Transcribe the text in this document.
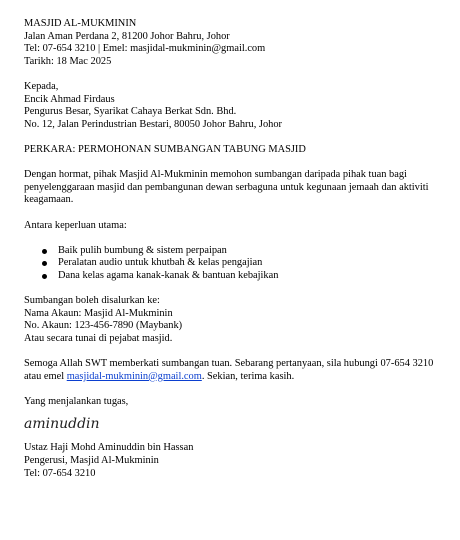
MASJID AL-MUKMININ
Jalan Aman Perdana 2, 81200 Johor Bahru, Johor
Tel: 07-654 3210 | Emel: masjidal-mukminin@gmail.com
Tarikh: 18 Mac 2025
Kepada,
Encik Ahmad Firdaus
Pengurus Besar, Syarikat Cahaya Berkat Sdn. Bhd.
No. 12, Jalan Perindustrian Bestari, 80050 Johor Bahru, Johor
PERKARA: PERMOHONAN SUMBANGAN TABUNG MASJID

Dengan hormat, pihak Masjid Al-Mukminin memohon sumbangan daripada pihak tuan bagi penyelenggaraan masjid dan pembangunan dewan serbaguna untuk kegunaan jemaah dan aktiviti keagamaan.

Antara keperluan utama:
Baik pulih bumbung & sistem perpaipan
Peralatan audio untuk khutbah & kelas pengajian
Dana kelas agama kanak-kanak & bantuan kebajikan
Sumbangan boleh disalurkan ke:
Nama Akaun: Masjid Al-Mukminin
No. Akaun: 123-456-7890 (Maybank)
Atau secara tunai di pejabat masjid.

Semoga Allah SWT memberkati sumbangan tuan. Sebarang pertanyaan, sila hubungi 07-654 3210 atau emel masjidal-mukminin@gmail.com. Sekian, terima kasih.

Yang menjalankan tugas,
aminuddin
Ustaz Haji Mohd Aminuddin bin Hassan
Pengerusi, Masjid Al-Mukminin
Tel: 07-654 3210
